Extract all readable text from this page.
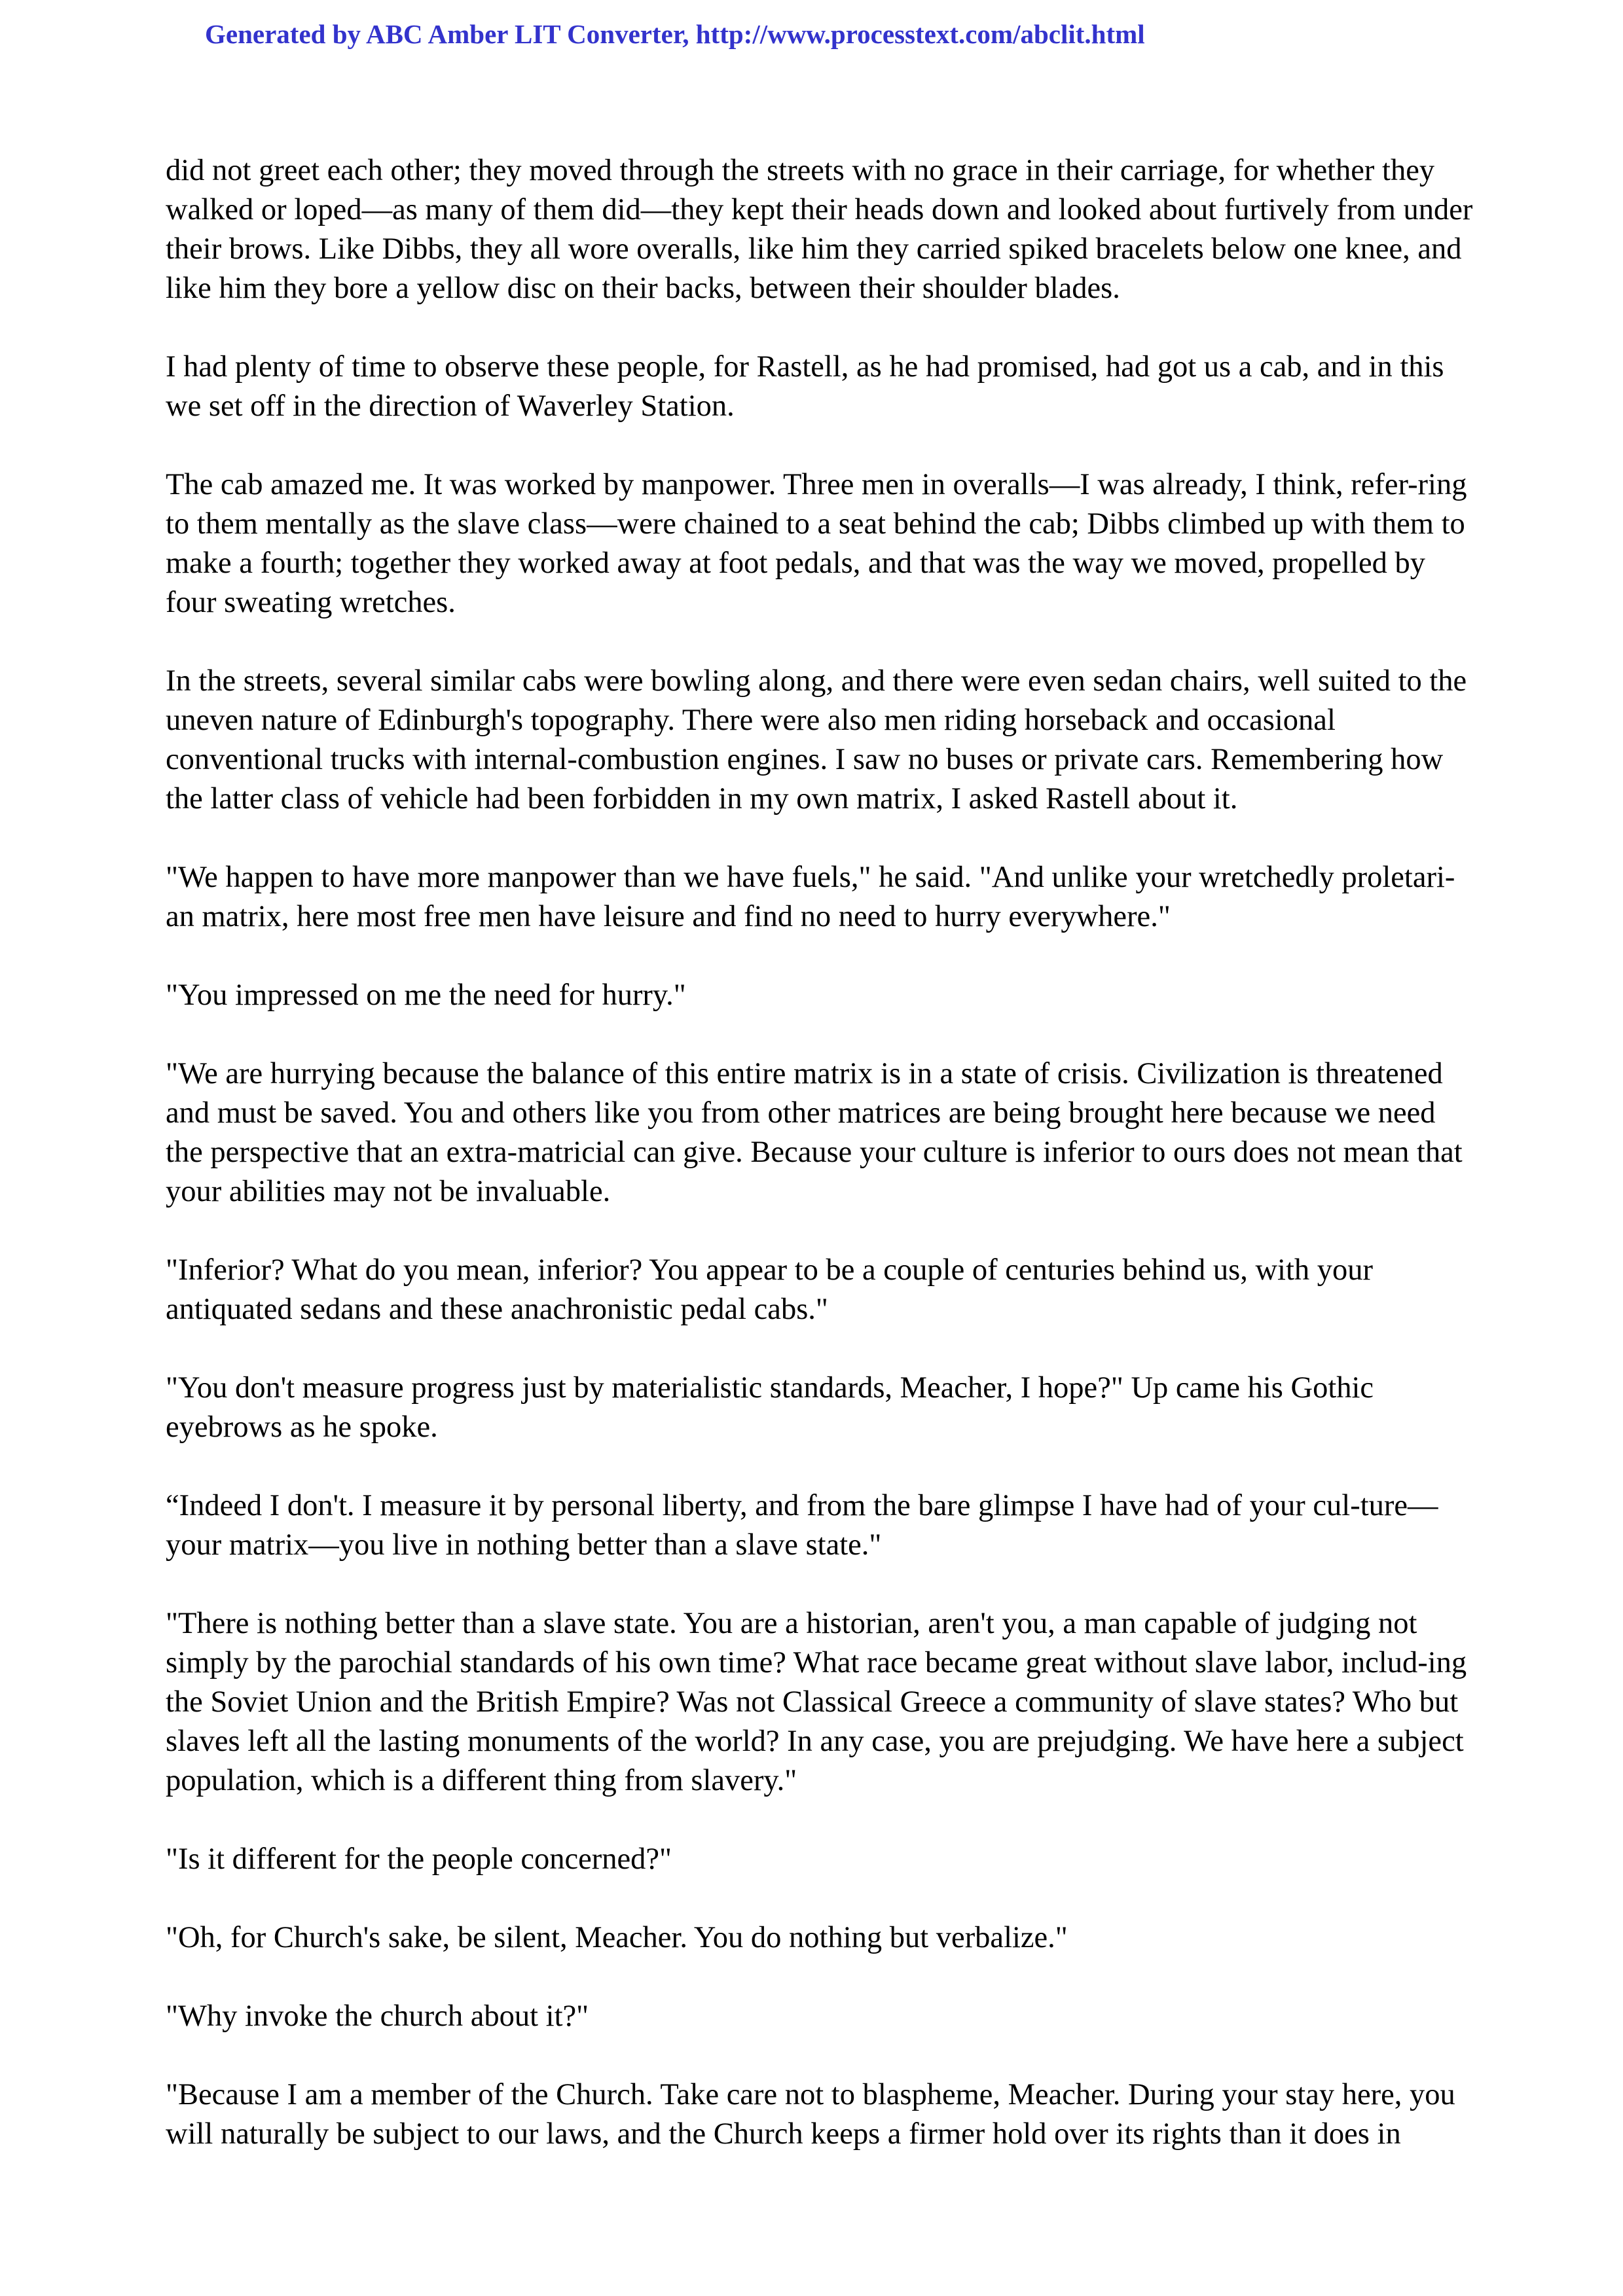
Generated by ABC Amber LIT Converter, http://www.processtext.com/abclit.html

did not greet each other; they moved through the streets with no grace in their carriage, for whether they walked or loped—as many of them did—they kept their heads down and looked about furtively from under their brows. Like Dibbs, they all wore overalls, like him they carried spiked bracelets below one knee, and like him they bore a yellow disc on their backs, between their shoulder blades.

I had plenty of time to observe these people, for Rastell, as he had promised, had got us a cab, and in this we set off in the direction of Waverley Station.

The cab amazed me. It was worked by manpower. Three men in overalls—I was already, I think, refer-ring to them mentally as the slave class—were chained to a seat behind the cab; Dibbs climbed up with them to make a fourth; together they worked away at foot pedals, and that was the way we moved, propelled by four sweating wretches.

In the streets, several similar cabs were bowling along, and there were even sedan chairs, well suited to the uneven nature of Edinburgh's topography. There were also men riding horseback and occasional conventional trucks with internal-combustion engines. I saw no buses or private cars. Remembering how the latter class of vehicle had been forbidden in my own matrix, I asked Rastell about it.

"We happen to have more manpower than we have fuels," he said. "And unlike your wretchedly proletari-an matrix, here most free men have leisure and find no need to hurry everywhere."

"You impressed on me the need for hurry."

"We are hurrying because the balance of this entire matrix is in a state of crisis. Civilization is threatened and must be saved. You and others like you from other matrices are being brought here because we need the perspective that an extra-matricial can give. Because your culture is inferior to ours does not mean that your abilities may not be invaluable.

"Inferior? What do you mean, inferior? You appear to be a couple of centuries behind us, with your antiquated sedans and these anachronistic pedal cabs."

"You don't measure progress just by materialistic standards, Meacher, I hope?" Up came his Gothic eyebrows as he spoke.

“Indeed I don't. I measure it by personal liberty, and from the bare glimpse I have had of your cul-ture—your matrix—you live in nothing better than a slave state."

"There is nothing better than a slave state. You are a historian, aren't you, a man capable of judging not simply by the parochial standards of his own time? What race became great without slave labor, includ-ing the Soviet Union and the British Empire? Was not Classical Greece a community of slave states? Who but slaves left all the lasting monuments of the world? In any case, you are prejudging. We have here a subject population, which is a different thing from slavery."

"Is it different for the people concerned?"

"Oh, for Church's sake, be silent, Meacher. You do nothing but verbalize."

"Why invoke the church about it?"

"Because I am a member of the Church. Take care not to blaspheme, Meacher. During your stay here, you will naturally be subject to our laws, and the Church keeps a firmer hold over its rights than it does in
